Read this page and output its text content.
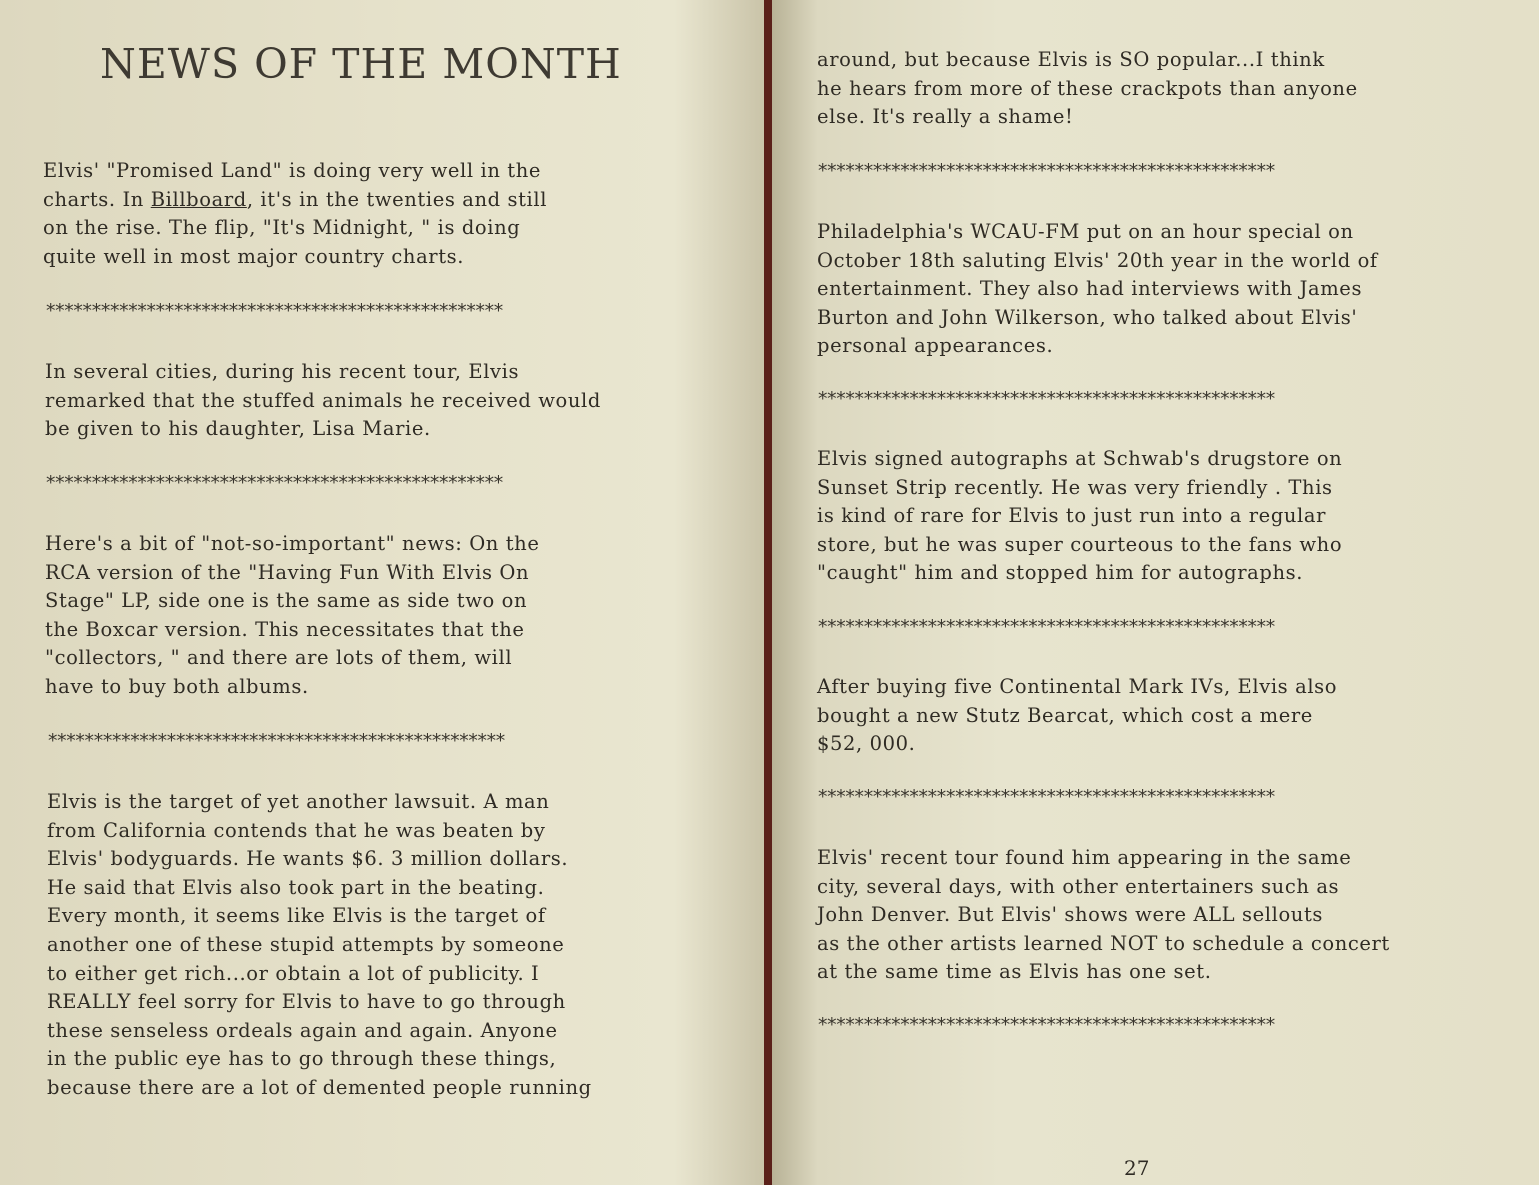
NEWS OF THE MONTH
Elvis' "Promised Land" is doing very well in the
charts. In Billboard, it's in the twenties and still
on the rise. The flip, "It's Midnight, " is doing
quite well in most major country charts.
**************************************************
In several cities, during his recent tour, Elvis
remarked that the stuffed animals he received would
be given to his daughter, Lisa Marie.
**************************************************
Here's a bit of "not-so-important" news: On the
RCA version of the "Having Fun With Elvis On
Stage" LP, side one is the same as side two on
the Boxcar version. This necessitates that the
"collectors, " and there are lots of them, will
have to buy both albums.
**************************************************
Elvis is the target of yet another lawsuit. A man
from California contends that he was beaten by
Elvis' bodyguards. He wants $6. 3 million dollars.
He said that Elvis also took part in the beating.
Every month, it seems like Elvis is the target of
another one of these stupid attempts by someone
to either get rich...or obtain a lot of publicity. I
REALLY feel sorry for Elvis to have to go through
these senseless ordeals again and again. Anyone
in the public eye has to go through these things,
because there are a lot of demented people running
around, but because Elvis is SO popular...I think
he hears from more of these crackpots than anyone
else. It's really a shame!
**************************************************
Philadelphia's WCAU-FM put on an hour special on
October 18th saluting Elvis' 20th year in the world of
entertainment. They also had interviews with James
Burton and John Wilkerson, who talked about Elvis'
personal appearances.
**************************************************
Elvis signed autographs at Schwab's drugstore on
Sunset Strip recently. He was very friendly . This
is kind of rare for Elvis to just run into a regular
store, but he was super courteous to the fans who
"caught" him and stopped him for autographs.
**************************************************
After buying five Continental Mark IVs, Elvis also
bought a new Stutz Bearcat, which cost a mere
$52, 000.
**************************************************
Elvis' recent tour found him appearing in the same
city, several days, with other entertainers such as
John Denver. But Elvis' shows were ALL sellouts
as the other artists learned NOT to schedule a concert
at the same time as Elvis has one set.
**************************************************
27
